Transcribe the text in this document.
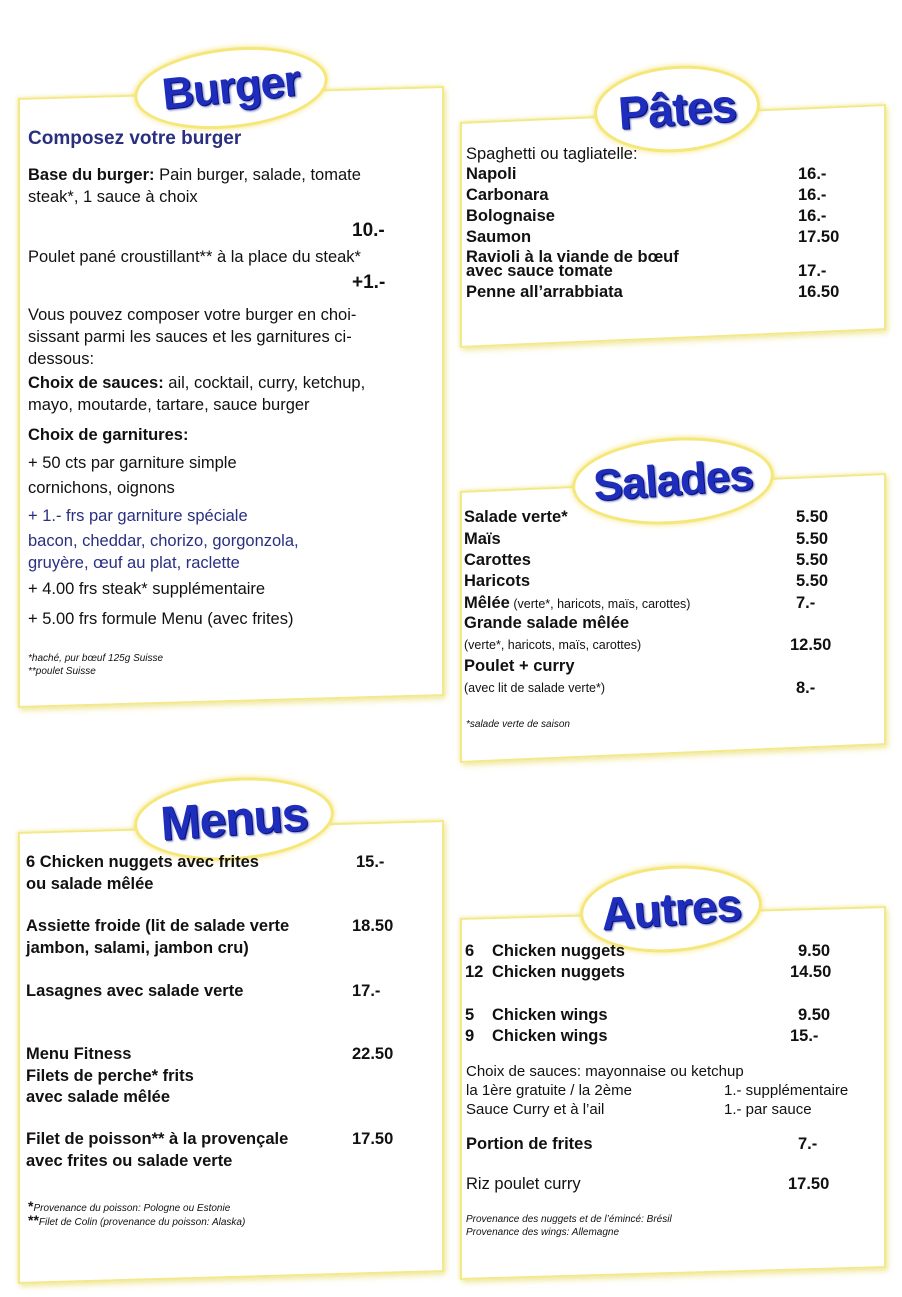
Burger
Composez votre burger
Base du burger: Pain burger, salade, tomate
steak*, 1 sauce à choix
10.-
Poulet pané croustillant** à la place du steak*
+1.-
Vous pouvez composer votre burger en choi-
sissant parmi les sauces et les garnitures ci-
dessous:
Choix de sauces: ail, cocktail, curry, ketchup,
mayo, moutarde, tartare, sauce burger
Choix de garnitures:
+ 50 cts par garniture simple
cornichons, oignons
+ 1.- frs par garniture spéciale
bacon, cheddar, chorizo, gorgonzola,
gruyère, œuf au plat, raclette
+ 4.00 frs steak* supplémentaire
+ 5.00 frs formule Menu (avec frites)
*haché, pur bœuf 125g Suisse
**poulet Suisse
Pâtes
Spaghetti ou tagliatelle:
Napoli	16.-
Carbonara	16.-
Bolognaise	16.-
Saumon	17.50
Ravioli à la viande de bœuf
avec sauce tomate	17.-
Penne all’arrabbiata	16.50
Salades
Salade verte*	5.50
Maïs	5.50
Carottes	5.50
Haricots	5.50
Mêlée (verte*, haricots, maïs, carottes)	7.-
Grande salade mêlée
(verte*, haricots, maïs, carottes)	12.50
Poulet + curry
(avec lit de salade verte*)	8.-
*salade verte de saison
Menus
6 Chicken nuggets avec frites
ou salade mêlée
15.-
Assiette froide (lit de salade verte
jambon, salami, jambon cru)
18.50
Lasagnes avec salade verte	17.-
Menu Fitness
Filets de perche* frits
avec salade mêlée
22.50
Filet de poisson** à la provençale
avec frites ou salade verte
17.50
*Provenance du poisson: Pologne ou Estonie
**Filet de Colin (provenance du poisson: Alaska)
Autres
6 Chicken nuggets	9.50
12 Chicken nuggets	14.50
5 Chicken wings	9.50
9 Chicken wings	15.-
Choix de sauces: mayonnaise ou ketchup
la 1ère gratuite / la 2ème	1.- supplémentaire
Sauce Curry et à l’ail	1.- par sauce
Portion de frites	7.-
Riz poulet curry	17.50
Provenance des nuggets et de l’émincé: Brésil
Provenance des wings: Allemagne
